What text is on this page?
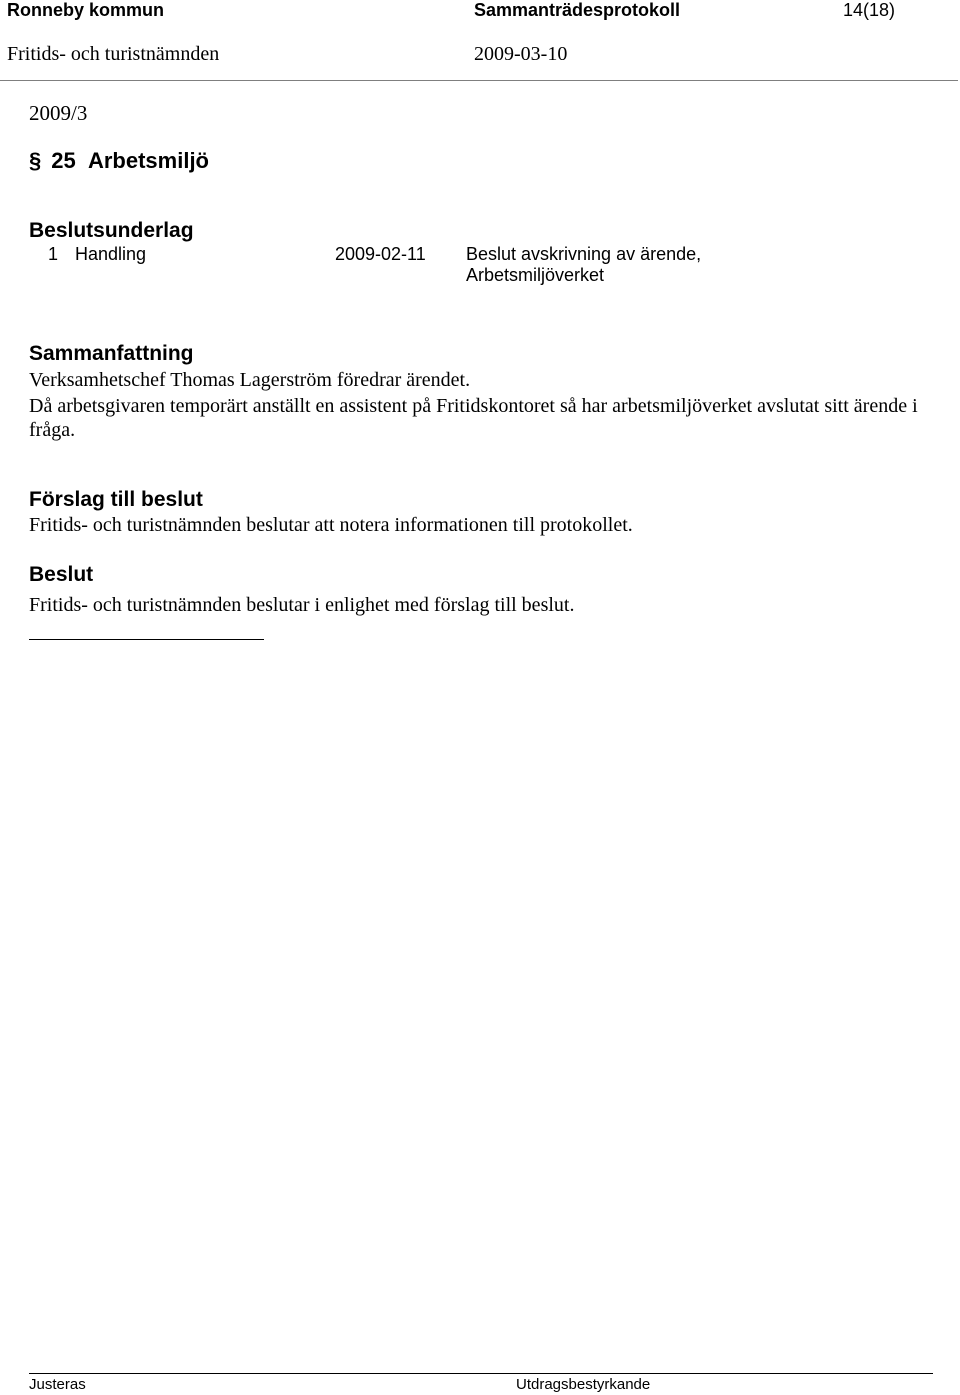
Ronneby kommun	Sammanträdesprotokoll	14(18)
Fritids- och turistnämnden	2009-03-10
2009/3
§ 25 Arbetsmiljö
Beslutsunderlag
1 Handling	2009-02-11 Beslut avskrivning av ärende,
Arbetsmiljöverket
Sammanfattning
Verksamhetschef Thomas Lagerström föredrar ärendet.
Då arbetsgivaren temporärt anställt en assistent på Fritidskontoret så har arbetsmiljöverket avslutat sitt ärende i fråga.
Förslag till beslut
Fritids- och turistnämnden beslutar att notera informationen till protokollet.
Beslut
Fritids- och turistnämnden beslutar i enlighet med förslag till beslut.
Justeras	Utdragsbestyrkande
